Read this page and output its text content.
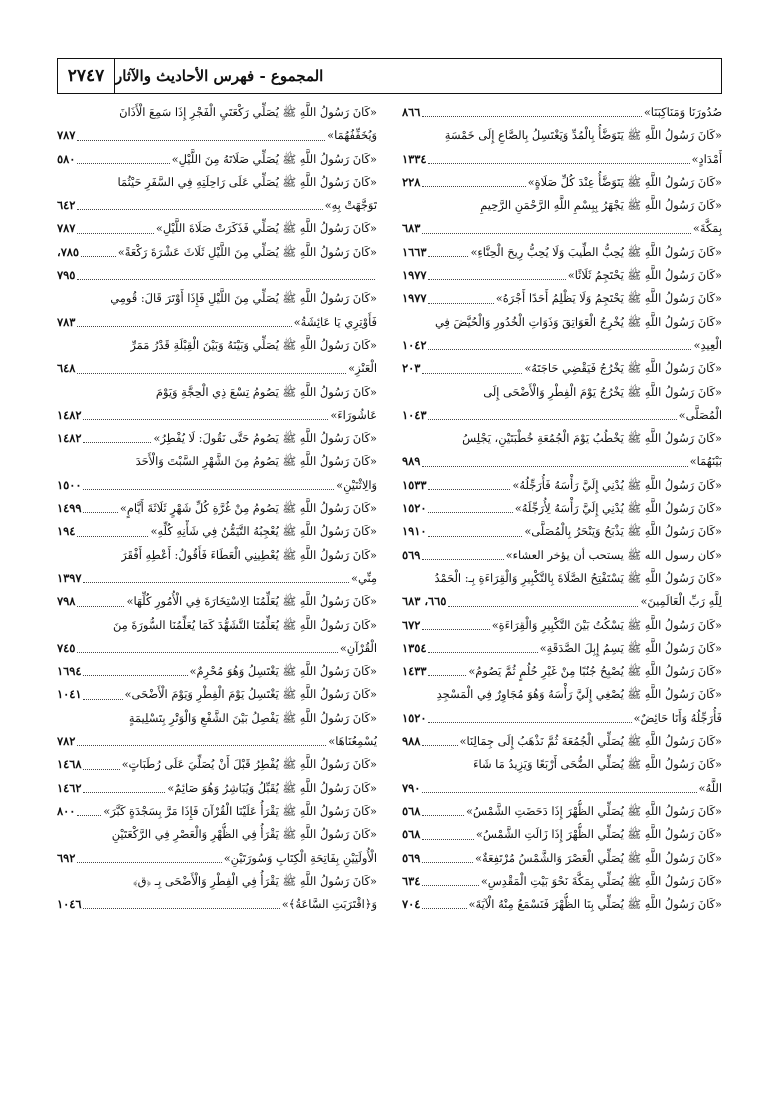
٢٧٤٧ المجموع - فهرس الأحاديث والآثار
صُدُورَنَا وَمَنَاكِبَنَا»
٨٦٦
«كَانَ رَسُولُ اللَّهِ ﷺ يَتَوَضَّأُ بِالْمُدِّ وَيَغْتَسِلُ بِالصَّاعِ إِلَى خَمْسَةِ
أَمْدَادٍ»
١٣٣٤
«كَانَ رَسُولُ اللَّهِ ﷺ يَتَوَضَّأُ عِنْدَ كُلِّ صَلَاةٍ»
٢٢٨
«كَانَ رَسُولُ اللَّهِ ﷺ يَجْهَرُ بِبِسْمِ اللَّهِ الرَّحْمَنِ الرَّحِيمِ
بِمَكَّةَ»
٦٨٣
«كَانَ رَسُولُ اللَّهِ ﷺ يُحِبُّ الطِّيبَ وَلَا يُحِبُّ رِيحَ الْحِنَّاءِ»
١٦٦٣
«كَانَ رَسُولُ اللَّهِ ﷺ يَحْتَجِمُ ثَلَاثًا»
١٩٧٧
«كَانَ رَسُولُ اللَّهِ ﷺ يَحْتَجِمُ وَلَا يَظْلِمُ أَحَدًا أَجْرَهُ»
١٩٧٧
«كَانَ رَسُولُ اللَّهِ ﷺ يُخْرِجُ الْعَوَاتِقَ وَذَوَاتِ الْخُدُورِ وَالْحُيَّضَ فِي
الْعِيدِ»
١٠٤٢
«كَانَ رَسُولُ اللَّهِ ﷺ يَخْرُجُ فَيَقْضِي حَاجَتَهُ»
٢٠٣
«كَانَ رَسُولُ اللَّهِ ﷺ يَخْرُجُ يَوْمَ الْفِطْرِ وَالْأَضْحَى إِلَى
الْمُصَلَّى»
١٠٤٣
«كَانَ رَسُولُ اللَّهِ ﷺ يَخْطُبُ يَوْمَ الْجُمُعَةِ خُطْبَتَيْنِ، يَجْلِسُ
بَيْنَهُمَا»
٩٨٩
«كَانَ رَسُولُ اللَّهِ ﷺ يُدْنِي إِلَيَّ رَأْسَهُ فَأُرَجِّلُهُ»
١٥٣٣
«كَانَ رَسُولُ اللَّهِ ﷺ يُدْنِي إِلَيَّ رَأْسَهُ لِأُرَجِّلَهُ»
١٥٢٠
«كَانَ رَسُولُ اللَّهِ ﷺ يَذْبَحُ وَيَنْحَرُ بِالْمُصَلَّى»
١٩١٠
«كان رسول الله ﷺ يستحب أن يؤخر العشاء»
٥٦٩
«كَانَ رَسُولُ اللَّهِ ﷺ يَسْتَفْتِحُ الصَّلَاةَ بِالتَّكْبِيرِ وَالْقِرَاءَةِ بِـ: الْحَمْدُ
لِلَّهِ رَبِّ الْعَالَمِينَ»
٦٦٥، ٦٨٣
«كَانَ رَسُولُ اللَّهِ ﷺ يَسْكُتُ بَيْنَ التَّكْبِيرِ وَالْقِرَاءَةِ»
٦٧٢
«كَانَ رَسُولُ اللَّهِ ﷺ يَسِمُ إِبِلَ الصَّدَقَةِ»
١٣٥٤
«كَانَ رَسُولُ اللَّهِ ﷺ يُصْبِحُ جُنُبًا مِنْ غَيْرِ حُلُمٍ ثُمَّ يَصُومُ»
١٤٣٣
«كَانَ رَسُولُ اللَّهِ ﷺ يُصْغِي إِلَيَّ رَأْسَهُ وَهُوَ مُجَاوِرٌ فِي الْمَسْجِدِ
فَأُرَجِّلُهُ وَأَنَا حَائِضٌ»
١٥٢٠
«كَانَ رَسُولُ اللَّهِ ﷺ يُصَلِّي الْجُمُعَةَ ثُمَّ نَذْهَبُ إِلَى جِمَالِنَا»
٩٨٨
«كَانَ رَسُولُ اللَّهِ ﷺ يُصَلِّي الضُّحَى أَرْبَعًا وَيَزِيدُ مَا شَاءَ
اللَّهُ»
٧٩٠
«كَانَ رَسُولُ اللَّهِ ﷺ يُصَلِّي الظُّهْرَ إِذَا دَحَضَتِ الشَّمْسُ»
٥٦٨
«كَانَ رَسُولُ اللَّهِ ﷺ يُصَلِّي الظُّهْرَ إِذَا زَالَتِ الشَّمْسُ»
٥٦٨
«كَانَ رَسُولُ اللَّهِ ﷺ يُصَلِّي الْعَصْرَ وَالشَّمْسُ مُرْتَفِعَةٌ»
٥٦٩
«كَانَ رَسُولُ اللَّهِ ﷺ يُصَلِّي بِمَكَّةَ نَحْوَ بَيْتِ الْمَقْدِسِ»
٦٣٤
«كَانَ رَسُولُ اللَّهِ ﷺ يُصَلِّي بِنَا الظُّهْرَ فَنَسْمَعُ مِنْهُ الْآيَةَ»
٧٠٤
«كَانَ رَسُولُ اللَّهِ ﷺ يُصَلِّي رَكْعَتَيِ الْفَجْرِ إِذَا سَمِعَ الْأَذَانَ
وَيُخَفِّفُهُمَا»
٧٨٧
«كَانَ رَسُولُ اللَّهِ ﷺ يُصَلِّي صَلَاتَهُ مِنَ اللَّيْلِ»
٥٨٠
«كَانَ رَسُولُ اللَّهِ ﷺ يُصَلِّي عَلَى رَاحِلَتِهِ فِي السَّفَرِ حَيْثُمَا
تَوَجَّهَتْ بِهِ»
٦٤٢
«كَانَ رَسُولُ اللَّهِ ﷺ يُصَلِّي فَذَكَرَتْ صَلَاةَ اللَّيْلِ»
٧٨٧
«كَانَ رَسُولُ اللَّهِ ﷺ يُصَلِّي مِنَ اللَّيْلِ ثَلَاثَ عَشْرَةَ رَكْعَةً»
٧٨٥،
٧٩٥
«كَانَ رَسُولُ اللَّهِ ﷺ يُصَلِّي مِنَ اللَّيْلِ فَإِذَا أَوْتَرَ قَالَ: قُومِي
فَأَوْتِرِي يَا عَائِشَةُ»
٧٨٣
«كَانَ رَسُولُ اللَّهِ ﷺ يُصَلِّي وَبَيْنَهُ وَبَيْنَ الْقِبْلَةِ قَدْرُ مَمَرِّ
الْعَنْزِ»
٦٤٨
«كَانَ رَسُولُ اللَّهِ ﷺ يَصُومُ تِسْعَ ذِي الْحِجَّةِ وَيَوْمَ
عَاشُورَاءَ»
١٤٨٢
«كَانَ رَسُولُ اللَّهِ ﷺ يَصُومُ حَتَّى نَقُولَ: لَا يُفْطِرُ»
١٤٨٢
«كَانَ رَسُولُ اللَّهِ ﷺ يَصُومُ مِنَ الشَّهْرِ السَّبْتَ وَالْأَحَدَ
وَالِاثْنَيْنِ»
١٥٠٠
«كَانَ رَسُولُ اللَّهِ ﷺ يَصُومُ مِنْ غُرَّةِ كُلِّ شَهْرٍ ثَلَاثَةَ أَيَّامٍ»
١٤٩٩
«كَانَ رَسُولُ اللَّهِ ﷺ يُعْجِبُهُ التَّيَمُّنُ فِي شَأْنِهِ كُلِّهِ»
١٩٤
«كَانَ رَسُولُ اللَّهِ ﷺ يُعْطِينِي الْعَطَاءَ فَأَقُولُ: أَعْطِهِ أَفْقَرَ
مِنِّي»
١٣٩٧
«كَانَ رَسُولُ اللَّهِ ﷺ يُعَلِّمُنَا الِاسْتِخَارَةَ فِي الْأُمُورِ كُلِّهَا»
٧٩٨
«كَانَ رَسُولُ اللَّهِ ﷺ يُعَلِّمُنَا التَّشَهُّدَ كَمَا يُعَلِّمُنَا السُّورَةَ مِنَ
الْقُرْآنِ»
٧٤٥
«كَانَ رَسُولُ اللَّهِ ﷺ يَغْتَسِلُ وَهُوَ مُحْرِمٌ»
١٦٩٤
«كَانَ رَسُولُ اللَّهِ ﷺ يَغْتَسِلُ يَوْمَ الْفِطْرِ وَيَوْمَ الْأَضْحَى»
١٠٤١
«كَانَ رَسُولُ اللَّهِ ﷺ يَفْصِلُ بَيْنَ الشَّفْعِ وَالْوَتْرِ بِتَسْلِيمَةٍ
يُسْمِعُنَاهَا»
٧٨٢
«كَانَ رَسُولُ اللَّهِ ﷺ يُفْطِرُ قَبْلَ أَنْ يُصَلِّيَ عَلَى رُطَبَاتٍ»
١٤٦٨
«كَانَ رَسُولُ اللَّهِ ﷺ يُقَبِّلُ وَيُبَاشِرُ وَهُوَ صَائِمٌ»
١٤٦٢
«كَانَ رَسُولُ اللَّهِ ﷺ يَقْرَأُ عَلَيْنَا الْقُرْآنَ فَإِذَا مَرَّ بِسَجْدَةٍ كَبَّرَ»
٨٠٠
«كَانَ رَسُولُ اللَّهِ ﷺ يَقْرَأُ فِي الظُّهْرِ وَالْعَصْرِ فِي الرَّكْعَتَيْنِ
الْأُولَيَيْنِ بِفَاتِحَةِ الْكِتَابِ وَسُورَتَيْنِ»
٦٩٢
«كَانَ رَسُولُ اللَّهِ ﷺ يَقْرَأُ فِي الْفِطْرِ وَالْأَضْحَى بِـ ﴿ق﴾
وَ﴿اقْتَرَبَتِ السَّاعَةُ﴾»
١٠٤٦
